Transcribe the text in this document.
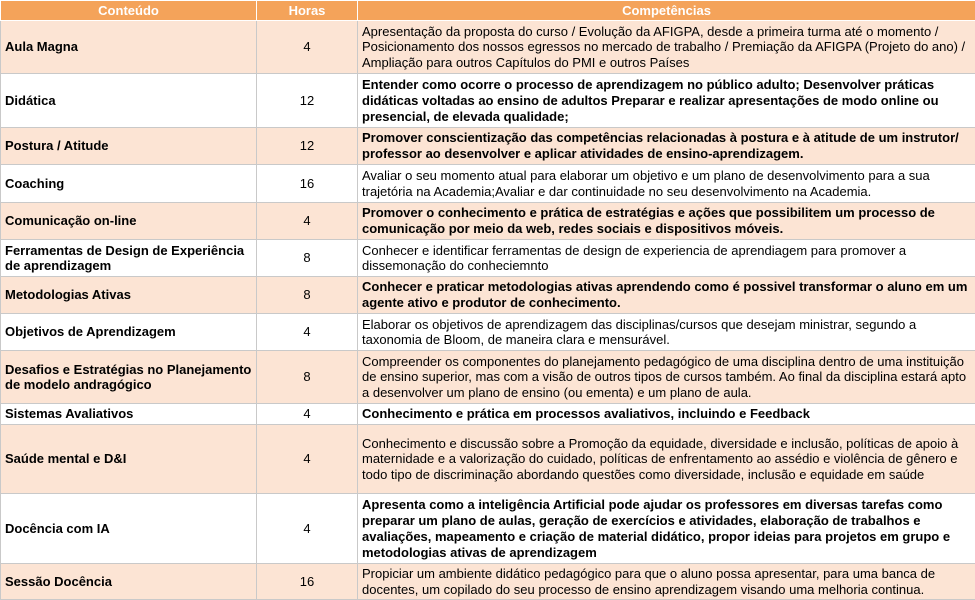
Conteúdo	Horas	Competências
Aula Magna	4	Apresentação da proposta do curso / Evolução da AFIGPA, desde a primeira turma até o momento / Posicionamento dos nossos egressos no mercado de trabalho / Premiação da AFIGPA (Projeto do ano) / Ampliação para outros Capítulos do PMI e outros Países
Didática	12	Entender como ocorre o processo de aprendizagem no público adulto; Desenvolver práticas didáticas voltadas ao ensino de adultos Preparar e realizar apresentações de modo online ou presencial, de elevada qualidade;
Postura / Atitude	12	Promover conscientização das competências relacionadas à postura e à atitude de um instrutor/ professor ao desenvolver e aplicar atividades de ensino-aprendizagem.
Coaching	16	Avaliar o seu momento atual para elaborar um objetivo e um plano de desenvolvimento para a sua trajetória na Academia;Avaliar e dar continuidade no seu desenvolvimento na Academia.
Comunicação on-line	4	Promover o conhecimento e prática de estratégias e ações que possibilitem um processo de comunicação por meio da web, redes sociais e dispositivos móveis.
Ferramentas de Design de Experiência de aprendizagem	8	Conhecer e identificar ferramentas de design de experiencia de aprendiagem para promover a dissemonação do conheciemnto
Metodologias Ativas	8	Conhecer e praticar metodologias ativas aprendendo como é possivel transformar o aluno em um agente ativo e produtor de conhecimento.
Objetivos de Aprendizagem	4	Elaborar os objetivos de aprendizagem das disciplinas/cursos que desejam ministrar, segundo a taxonomia de Bloom, de maneira clara e mensurável.
Desafios e Estratégias no Planejamento de modelo andragógico	8	Compreender os componentes do planejamento pedagógico de uma disciplina dentro de uma instituição de ensino superior, mas com a visão de outros tipos de cursos também. Ao final da disciplina estará apto a desenvolver um plano de ensino (ou ementa) e um plano de aula.
Sistemas Avaliativos	4	Conhecimento e prática em processos avaliativos, incluindo e Feedback
Saúde mental e D&I	4	Conhecimento e discussão sobre a Promoção da equidade, diversidade e inclusão, políticas de apoio à maternidade e a valorização do cuidado, políticas de enfrentamento ao assédio e violência de gênero e todo tipo de discriminação abordando questões como diversidade, inclusão e equidade em saúde
Docência com IA	4	Apresenta como a inteligência Artificial pode ajudar os professores em diversas tarefas como preparar um plano de aulas, geração de exercícios e atividades, elaboração de trabalhos e avaliações, mapeamento e criação de material didático, propor ideias para projetos em grupo e metodologias ativas de aprendizagem
Sessão Docência	16	Propiciar um ambiente didático pedagógico para que o aluno possa apresentar, para uma banca de docentes, um copilado do seu processo de ensino aprendizagem visando uma melhoria continua.
